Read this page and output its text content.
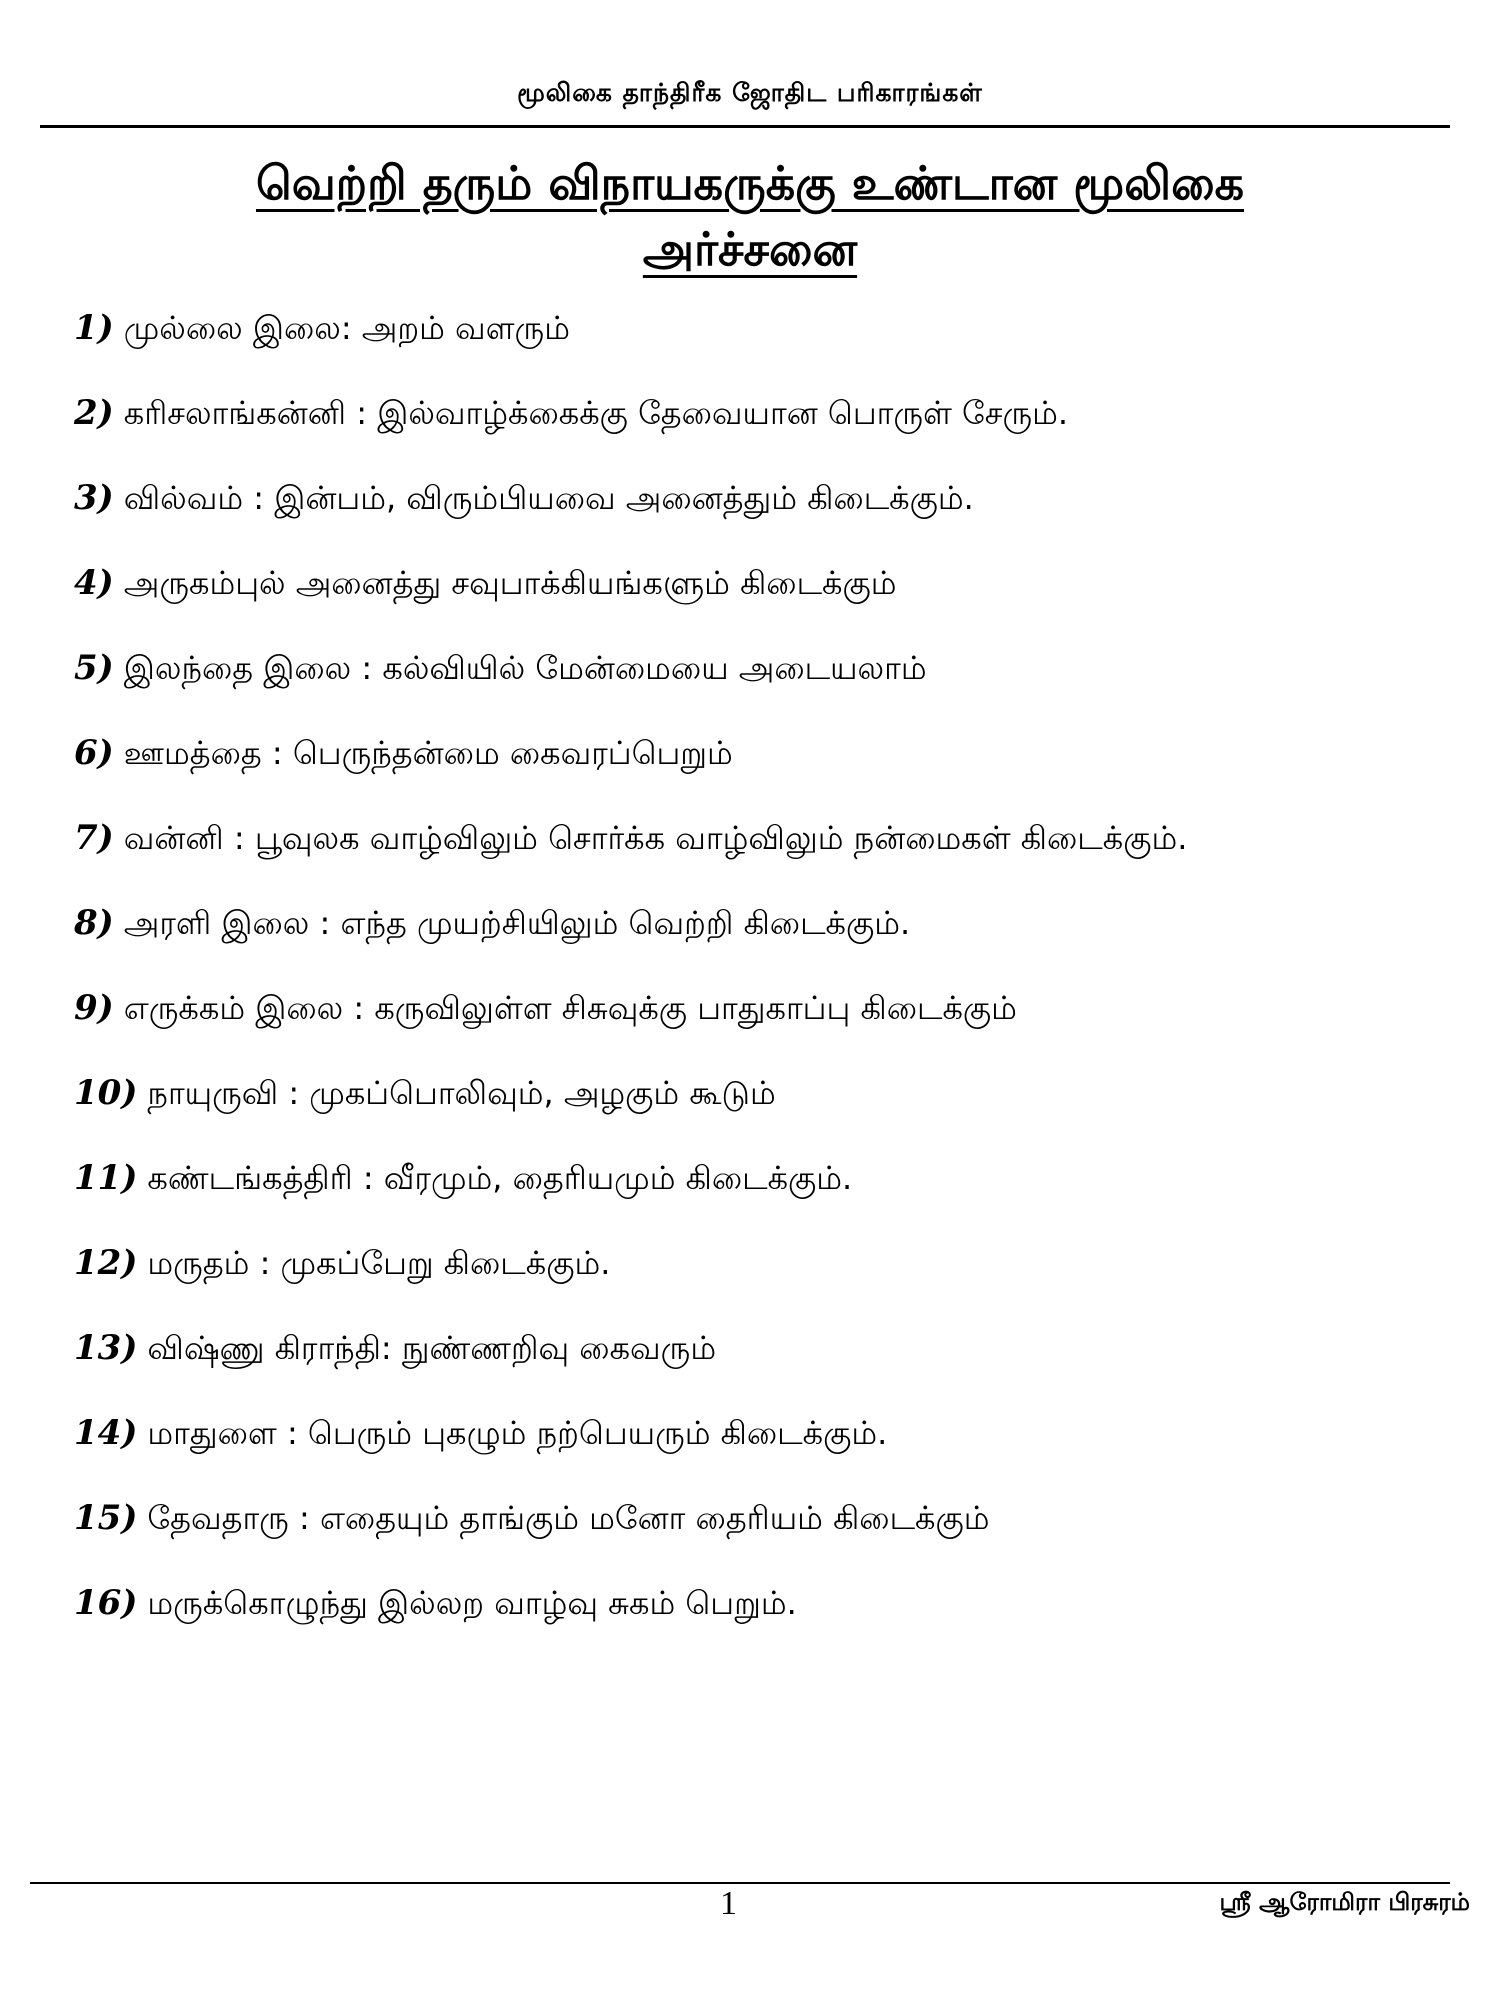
மூலிகை தாந்திரீக ஜோதிட பரிகாரங்கள்
வெற்றி தரும் விநாயகருக்கு உண்டான மூலிகை
அர்ச்சனை
1) முல்லை இலை: அறம் வளரும்
2) கரிசலாங்கன்னி : இல்வாழ்க்கைக்கு தேவையான பொருள் சேரும்.
3) வில்வம் : இன்பம், விரும்பியவை அனைத்தும் கிடைக்கும்.
4) அருகம்புல் அனைத்து சவுபாக்கியங்களும் கிடைக்கும்
5) இலந்தை இலை : கல்வியில் மேன்மையை அடையலாம்
6) ஊமத்தை : பெருந்தன்மை கைவரப்பெறும்
7) வன்னி : பூவுலக வாழ்விலும் சொர்க்க வாழ்விலும் நன்மைகள் கிடைக்கும்.
8) அரளி இலை : எந்த முயற்சியிலும் வெற்றி கிடைக்கும்.
9) எருக்கம் இலை : கருவிலுள்ள சிசுவுக்கு பாதுகாப்பு கிடைக்கும்
10) நாயுருவி : முகப்பொலிவும், அழகும் கூடும்
11) கண்டங்கத்திரி : வீரமும், தைரியமும் கிடைக்கும்.
12) மருதம் : முகப்பேறு கிடைக்கும்.
13) விஷ்ணு கிராந்தி: நுண்ணறிவு கைவரும்
14) மாதுளை : பெரும் புகழும் நற்பெயரும் கிடைக்கும்.
15) தேவதாரு : எதையும் தாங்கும் மனோ தைரியம் கிடைக்கும்
16) மருக்கொழுந்து இல்லற வாழ்வு சுகம் பெறும்.
1	ஸ்ரீ ஆரோமிரா பிரசுரம்
